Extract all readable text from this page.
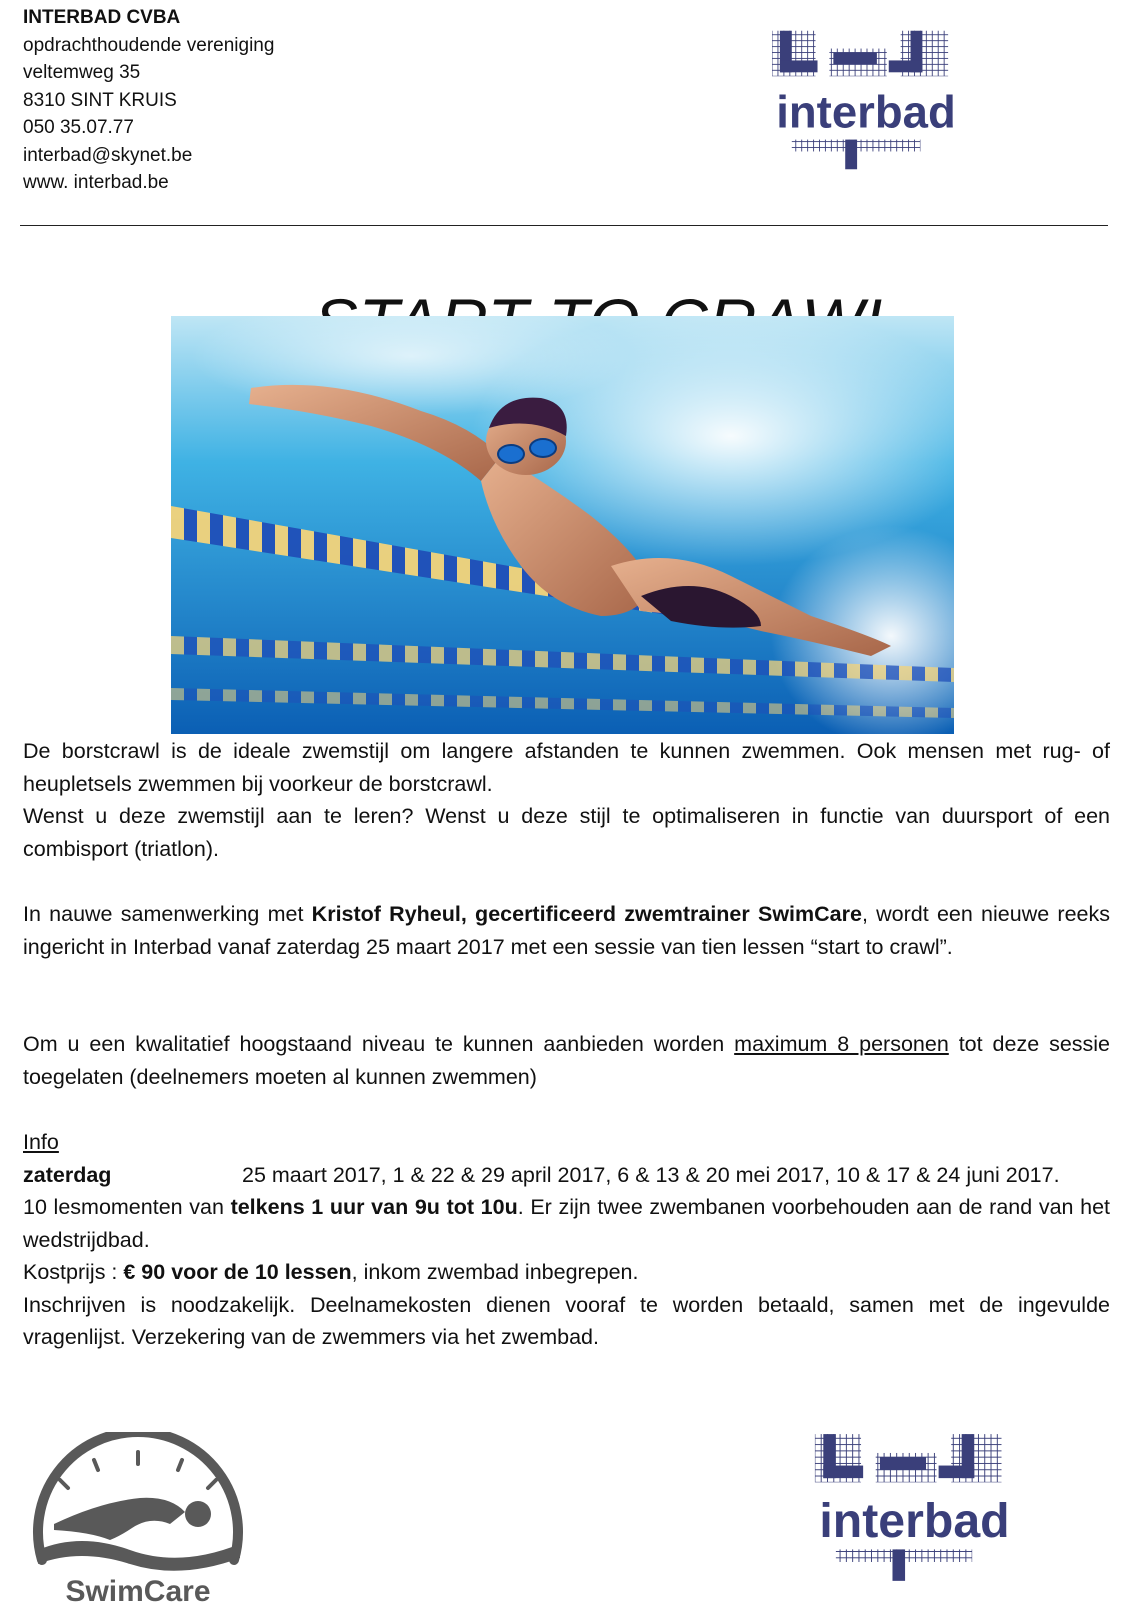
INTERBAD CVBA
opdrachthoudende vereniging
veltemweg 35
8310 SINT KRUIS
050 35.07.77
interbad@skynet.be
www. interbad.be
interbad

De borstcrawl is de ideale zwemstijl om langere afstanden te kunnen zwemmen. Ook mensen met rug- of heupletsels zwemmen bij voorkeur de borstcrawl.

Wenst u deze zwemstijl aan te leren? Wenst u deze stijl te optimaliseren in functie van duursport of een combisport (triatlon).

In nauwe samenwerking met Kristof Ryheul, gecertificeerd zwemtrainer SwimCare, wordt een nieuwe reeks ingericht in Interbad vanaf zaterdag 25 maart 2017 met een sessie van tien lessen “start to crawl”.

Om u een kwalitatief hoogstaand niveau te kunnen aanbieden worden maximum 8 personen tot deze sessie toegelaten (deelnemers moeten al kunnen zwemmen)

Info

zaterdag	25 maart 2017, 1 & 22 & 29 april 2017, 6 & 13 & 20 mei 2017, 10 & 17 & 24 juni 2017.

10 lesmomenten van telkens 1 uur van 9u tot 10u. Er zijn twee zwembanen voorbehouden aan de rand van het wedstrijdbad.

Kostprijs : € 90 voor de 10 lessen, inkom zwembad inbegrepen.

Inschrijven is noodzakelijk. Deelnamekosten dienen vooraf te worden betaald, samen met de ingevulde vragenlijst. Verzekering van de zwemmers via het zwembad.

SwimCare
interbad
